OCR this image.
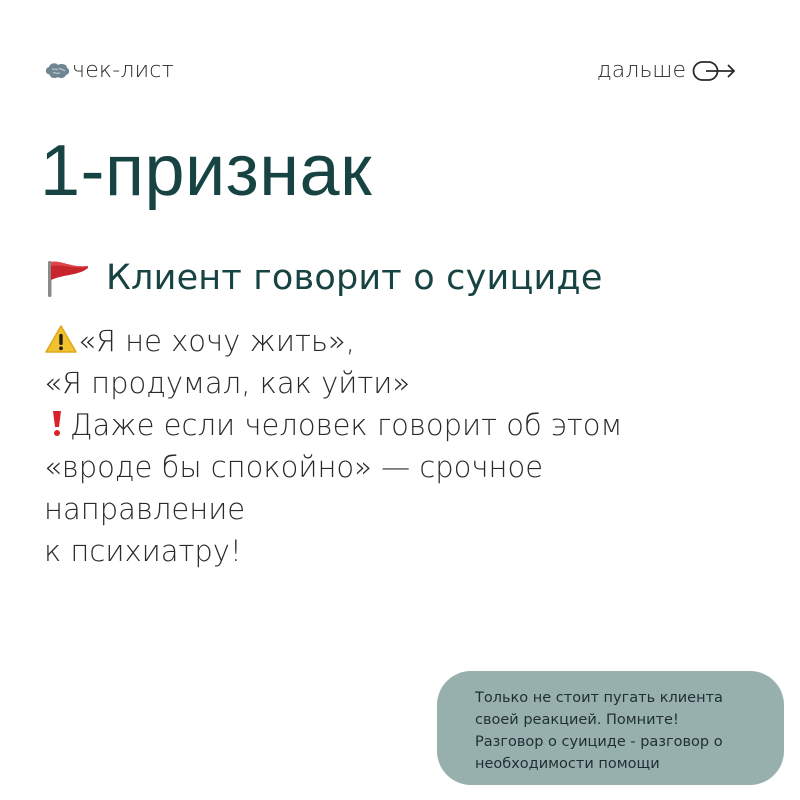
чек-лист	дальше
1-признак
Клиент говорит о суициде
«Я не хочу жить»,
«Я продумал, как уйти»
Даже если человек говорит об этом
«вроде бы спокойно» — срочное
направление
к психиатру!
Только не стоит пугать клиента
своей реакцией. Помните!
Разговор о суициде - разговор о
необходимости помощи
